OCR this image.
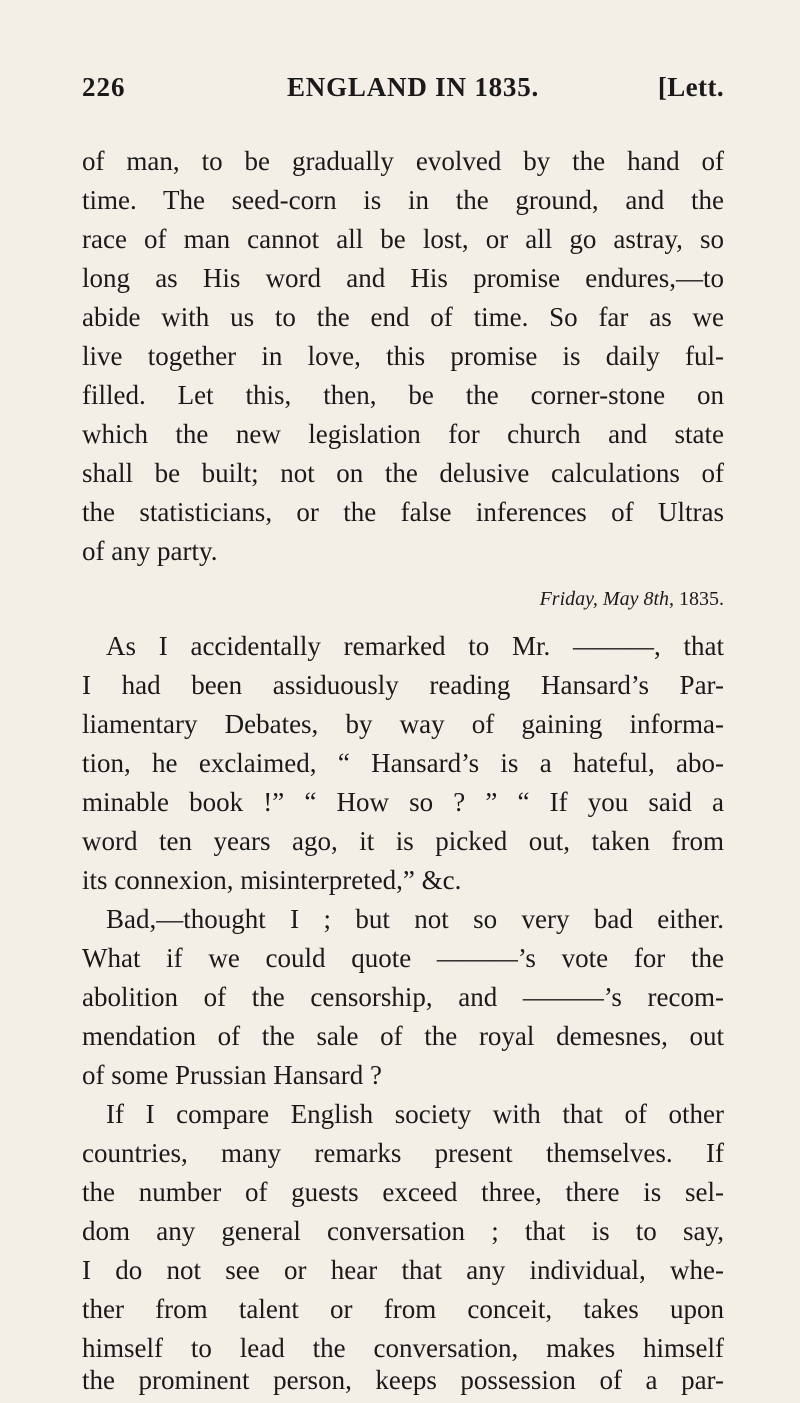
226	ENGLAND IN 1835.	[Lett.
of man, to be gradually evolved by the hand of
time. The seed-corn is in the ground, and the
race of man cannot all be lost, or all go astray, so
long as His word and His promise endures,—to
abide with us to the end of time. So far as we
live together in love, this promise is daily ful-
filled. Let this, then, be the corner-stone on
which the new legislation for church and state
shall be built; not on the delusive calculations of
the statisticians, or the false inferences of Ultras
of any party.
Friday, May 8th, 1835.
As I accidentally remarked to Mr. ———, that
I had been assiduously reading Hansard’s Par-
liamentary Debates, by way of gaining informa-
tion, he exclaimed, “ Hansard’s is a hateful, abo-
minable book !” “ How so ? ” “ If you said a
word ten years ago, it is picked out, taken from
its connexion, misinterpreted,” &c.
Bad,—thought I ; but not so very bad either.
What if we could quote ———’s vote for the
abolition of the censorship, and ———’s recom-
mendation of the sale of the royal demesnes, out
of some Prussian Hansard ?
If I compare English society with that of other
countries, many remarks present themselves. If
the number of guests exceed three, there is sel-
dom any general conversation ; that is to say,
I do not see or hear that any individual, whe-
ther from talent or from conceit, takes upon
himself to lead the conversation, makes himself
the prominent person, keeps possession of a par-
